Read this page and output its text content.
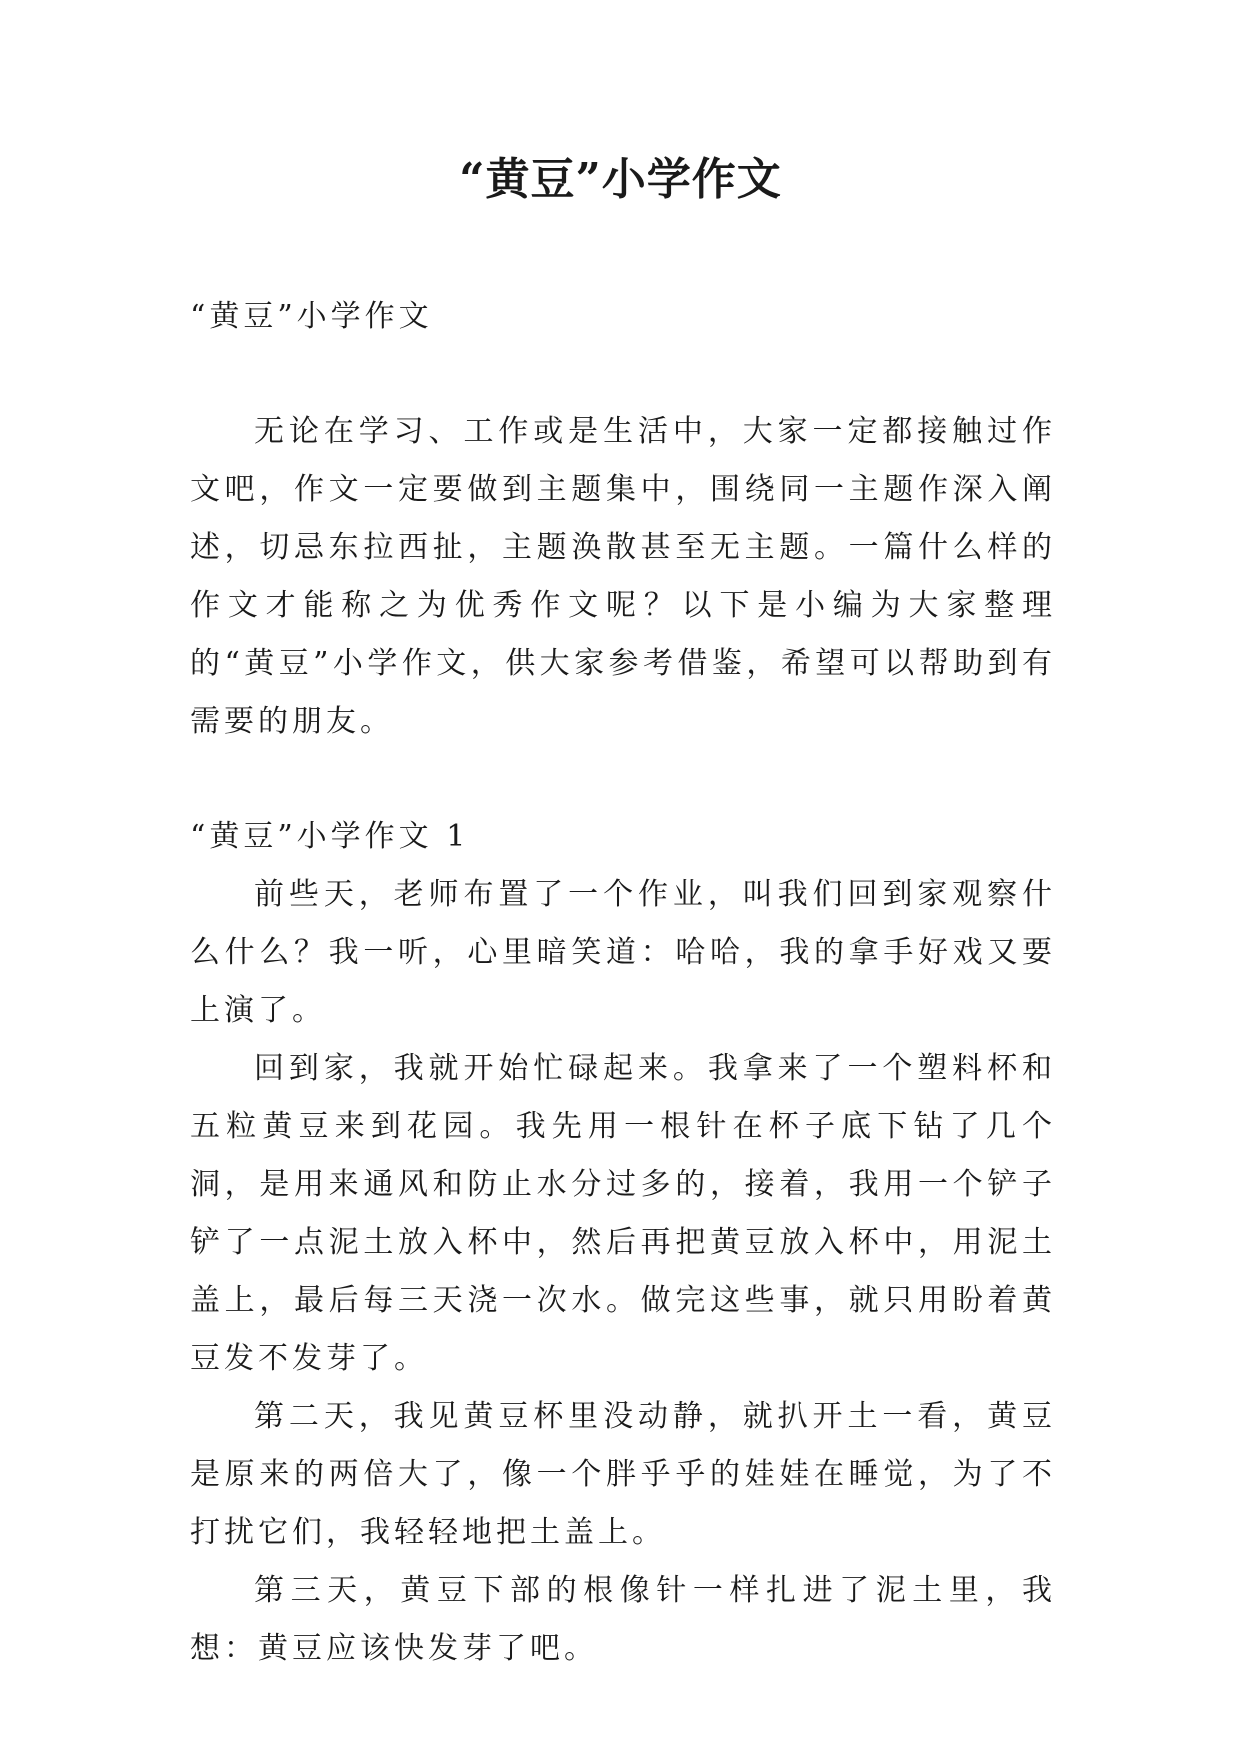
“黄豆”小学作文

“黄豆”小学作文

无论在学习、工作或是生活中，大家一定都接触过作文吧，作文一定要做到主题集中，围绕同一主题作深入阐述，切忌东拉西扯，主题涣散甚至无主题。一篇什么样的作文才能称之为优秀作文呢？以下是小编为大家整理的“黄豆”小学作文，供大家参考借鉴，希望可以帮助到有需要的朋友。

“黄豆”小学作文 1

前些天，老师布置了一个作业，叫我们回到家观察什么什么？我一听，心里暗笑道：哈哈，我的拿手好戏又要上演了。

回到家，我就开始忙碌起来。我拿来了一个塑料杯和五粒黄豆来到花园。我先用一根针在杯子底下钻了几个洞，是用来通风和防止水分过多的，接着，我用一个铲子铲了一点泥土放入杯中，然后再把黄豆放入杯中，用泥土盖上，最后每三天浇一次水。做完这些事，就只用盼着黄豆发不发芽了。

第二天，我见黄豆杯里没动静，就扒开土一看，黄豆是原来的两倍大了，像一个胖乎乎的娃娃在睡觉，为了不打扰它们，我轻轻地把土盖上。

第三天，黄豆下部的根像针一样扎进了泥土里，我想：黄豆应该快发芽了吧。
